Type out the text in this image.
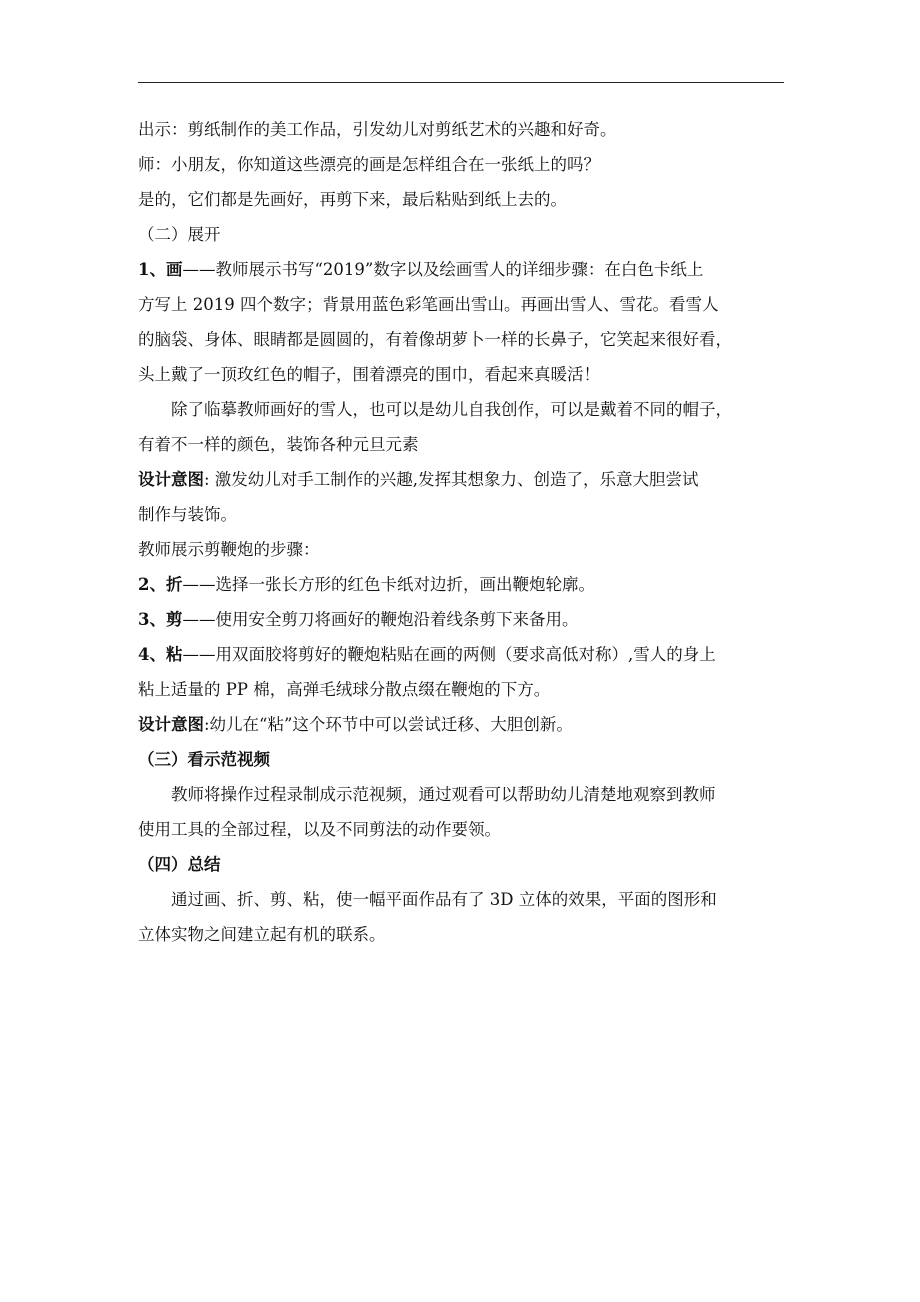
出示：剪纸制作的美工作品，引发幼儿对剪纸艺术的兴趣和好奇。
师：小朋友，你知道这些漂亮的画是怎样组合在一张纸上的吗？
是的，它们都是先画好，再剪下来，最后粘贴到纸上去的。
（二）展开
1、画——教师展示书写“2019”数字以及绘画雪人的详细步骤：在白色卡纸上
方写上 2019 四个数字；背景用蓝色彩笔画出雪山。再画出雪人、雪花。看雪人
的脑袋、身体、眼睛都是圆圆的，有着像胡萝卜一样的长鼻子，它笑起来很好看，
头上戴了一顶玫红色的帽子，围着漂亮的围巾，看起来真暖活！
除了临摹教师画好的雪人，也可以是幼儿自我创作，可以是戴着不同的帽子，
有着不一样的颜色，装饰各种元旦元素
设计意图: 激发幼儿对手工制作的兴趣,发挥其想象力、创造了，乐意大胆尝试
制作与装饰。
教师展示剪鞭炮的步骤：
2、折——选择一张长方形的红色卡纸对边折，画出鞭炮轮廓。
3、剪——使用安全剪刀将画好的鞭炮沿着线条剪下来备用。
4、粘——用双面胶将剪好的鞭炮粘贴在画的两侧（要求高低对称）,雪人的身上
粘上适量的 PP 棉，高弹毛绒球分散点缀在鞭炮的下方。
设计意图:幼儿在“粘”这个环节中可以尝试迁移、大胆创新。
（三）看示范视频
教师将操作过程录制成示范视频，通过观看可以帮助幼儿清楚地观察到教师
使用工具的全部过程，以及不同剪法的动作要领。
（四）总结
通过画、折、剪、粘，使一幅平面作品有了 3D 立体的效果，平面的图形和
立体实物之间建立起有机的联系。
